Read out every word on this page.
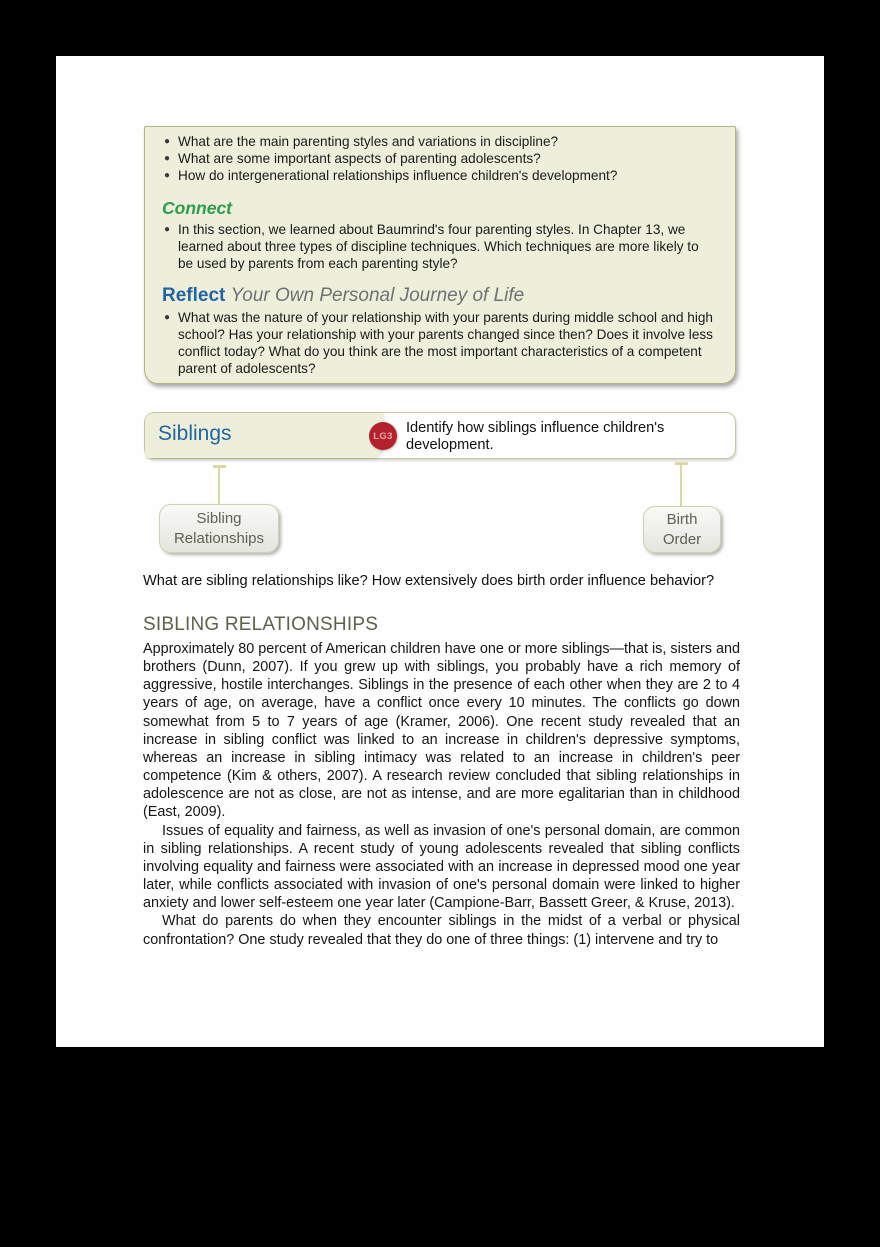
● What are the main parenting styles and variations in discipline?
● What are some important aspects of parenting adolescents?
● How do intergenerational relationships influence children's development?
Connect
● In this section, we learned about Baumrind's four parenting styles. In Chapter 13, we learned about three types of discipline techniques. Which techniques are more likely to be used by parents from each parenting style?
Reflect Your Own Personal Journey of Life
● What was the nature of your relationship with your parents during middle school and high school? Has your relationship with your parents changed since then? Does it involve less conflict today? What do you think are the most important characteristics of a competent parent of adolescents?
Siblings	LG3 Identify how siblings influence children's development.
Sibling Relationships
Birth Order
What are sibling relationships like? How extensively does birth order influence behavior?
SIBLING RELATIONSHIPS

Approximately 80 percent of American children have one or more siblings—that is, sisters and brothers (Dunn, 2007). If you grew up with siblings, you probably have a rich memory of aggressive, hostile interchanges. Siblings in the presence of each other when they are 2 to 4 years of age, on average, have a conflict once every 10 minutes. The conflicts go down somewhat from 5 to 7 years of age (Kramer, 2006). One recent study revealed that an increase in sibling conflict was linked to an increase in children's depressive symptoms, whereas an increase in sibling intimacy was related to an increase in children's peer competence (Kim & others, 2007). A research review concluded that sibling relationships in adolescence are not as close, are not as intense, and are more egalitarian than in childhood (East, 2009).

Issues of equality and fairness, as well as invasion of one's personal domain, are common in sibling relationships. A recent study of young adolescents revealed that sibling conflicts involving equality and fairness were associated with an increase in depressed mood one year later, while conflicts associated with invasion of one's personal domain were linked to higher anxiety and lower self-esteem one year later (Campione-Barr, Bassett Greer, & Kruse, 2013).

What do parents do when they encounter siblings in the midst of a verbal or physical confrontation? One study revealed that they do one of three things: (1) intervene and try to
